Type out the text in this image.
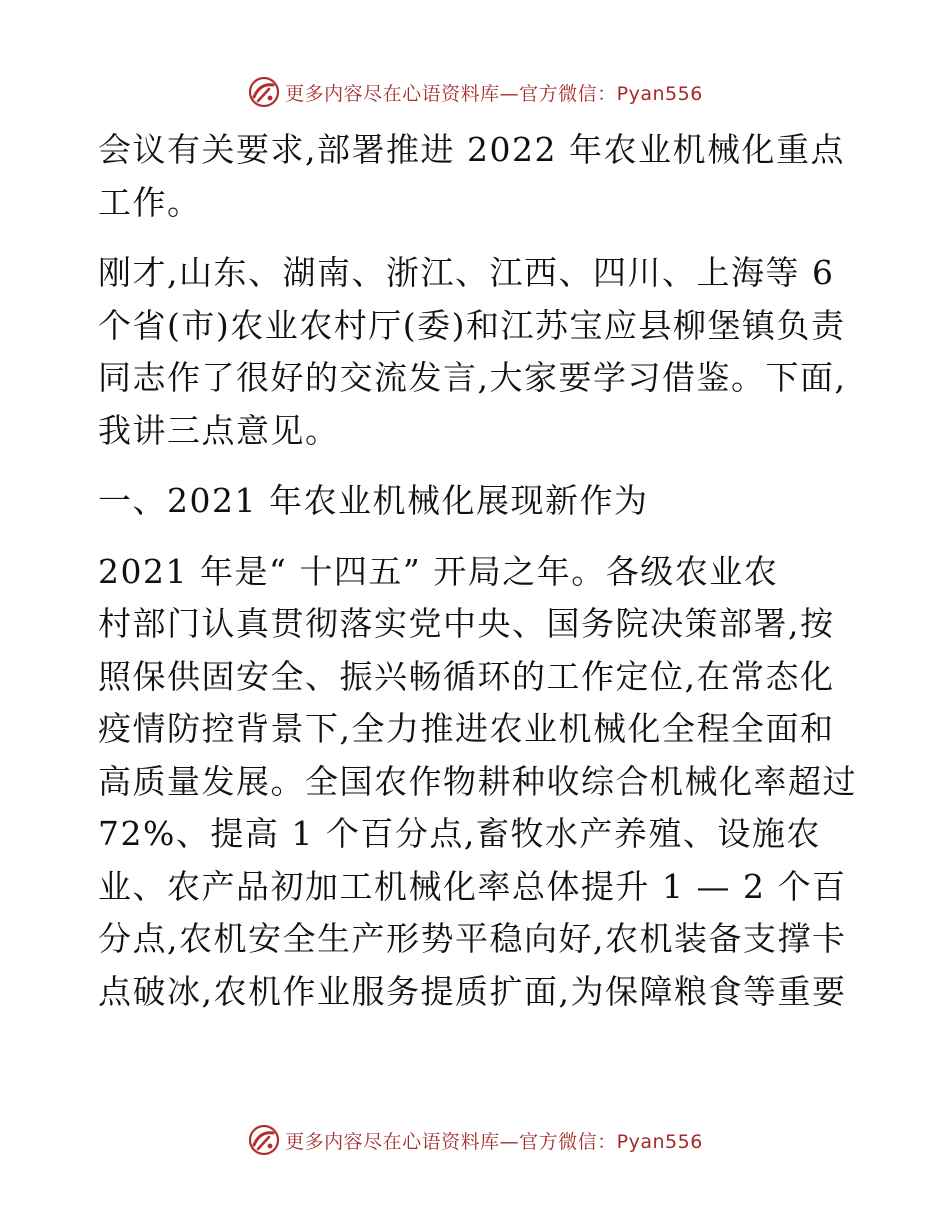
更多内容尽在心语资料库—官方微信：Pyan556
会议有关要求,部署推进 2022 年农业机械化重点
工作。
刚才,山东、湖南、浙江、江西、四川、上海等 6
个省(市)农业农村厅(委)和江苏宝应县柳堡镇负责
同志作了很好的交流发言,大家要学习借鉴。下面,
我讲三点意见。
一、2021 年农业机械化展现新作为
2021 年是“ 十四五” 开局之年。各级农业农
村部门认真贯彻落实党中央、国务院决策部署,按
照保供固安全、振兴畅循环的工作定位,在常态化
疫情防控背景下,全力推进农业机械化全程全面和
高质量发展。全国农作物耕种收综合机械化率超过
72%、提高 1 个百分点,畜牧水产养殖、设施农
业、农产品初加工机械化率总体提升 1 — 2 个百
分点,农机安全生产形势平稳向好,农机装备支撑卡
点破冰,农机作业服务提质扩面,为保障粮食等重要
更多内容尽在心语资料库—官方微信：Pyan556
